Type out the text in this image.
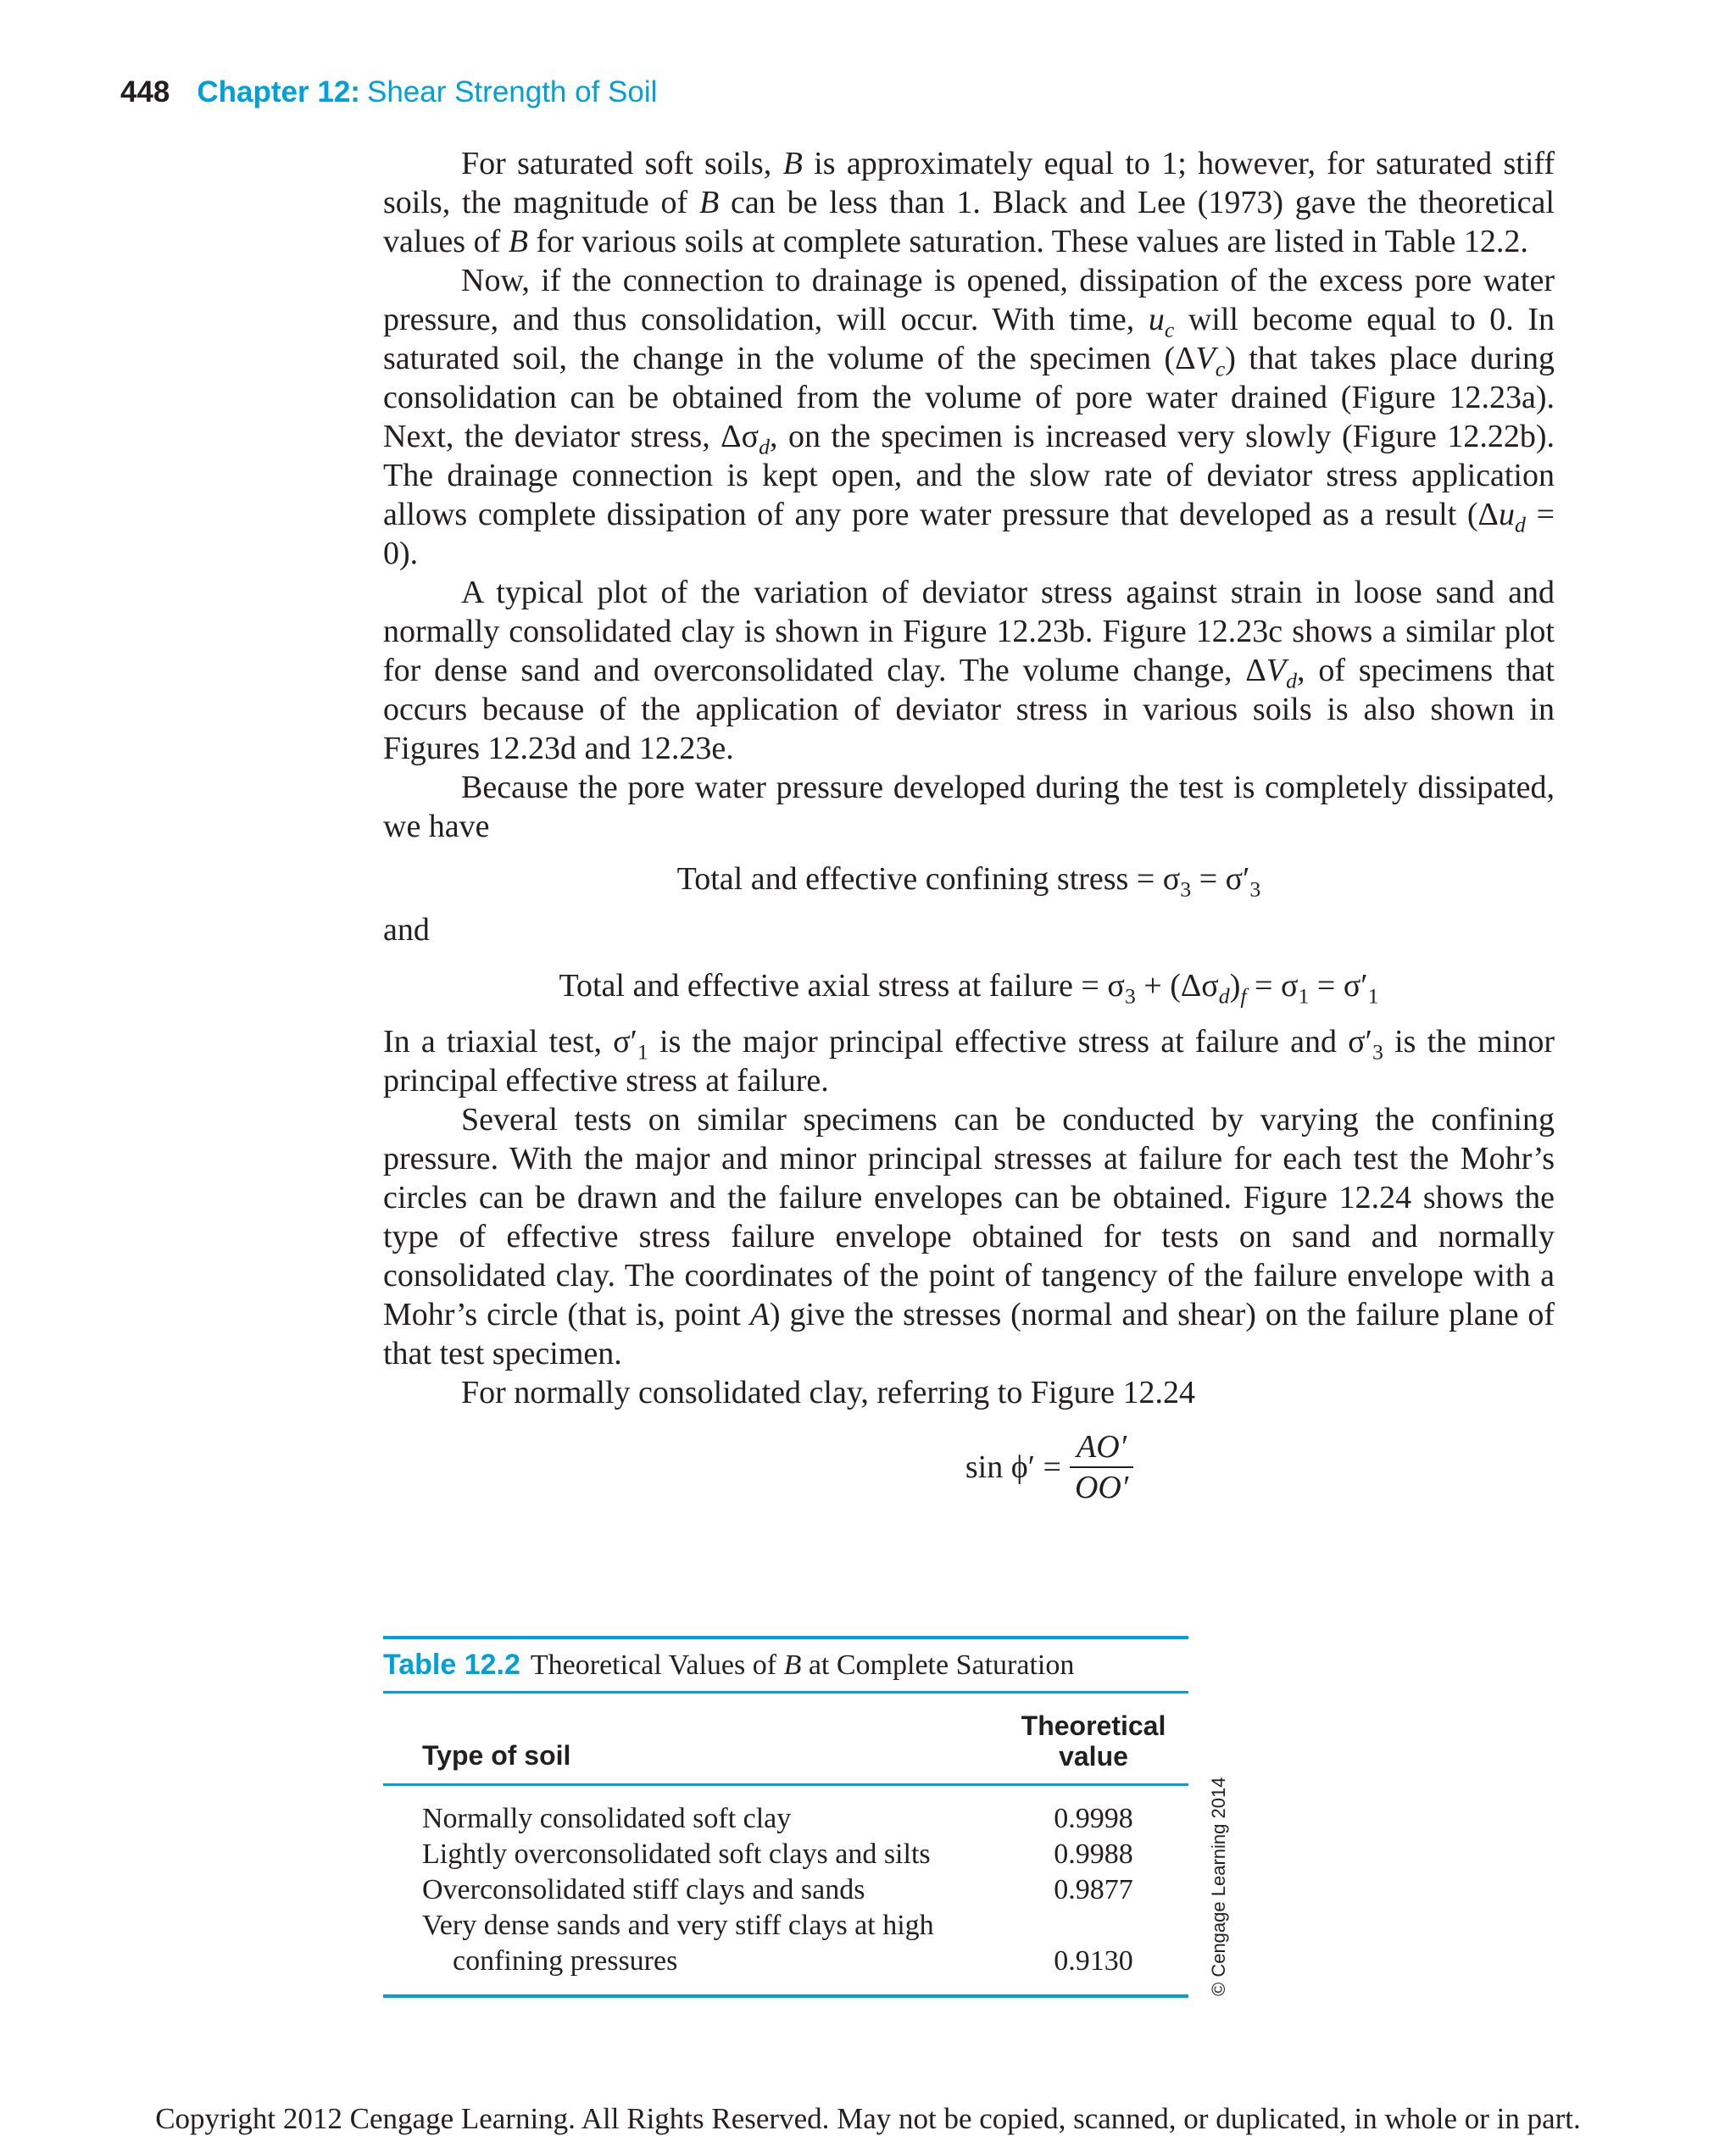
448 Chapter 12: Shear Strength of Soil

For saturated soft soils, B is approximately equal to 1; however, for saturated stiff soils, the magnitude of B can be less than 1. Black and Lee (1973) gave the theoretical values of B for various soils at complete saturation. These values are listed in Table 12.2.

Now, if the connection to drainage is opened, dissipation of the excess pore water pressure, and thus consolidation, will occur. With time, $u_c$ will become equal to 0. In saturated soil, the change in the volume of the specimen $(\Delta V_c)$ that takes place during consolidation can be obtained from the volume of pore water drained (Figure 12.23a). Next, the deviator stress, $\Delta\sigma_d$, on the specimen is increased very slowly (Figure 12.22b). The drainage connection is kept open, and the slow rate of deviator stress application allows complete dissipation of any pore water pressure that developed as a result $(\Delta u_d = 0)$.

A typical plot of the variation of deviator stress against strain in loose sand and normally consolidated clay is shown in Figure 12.23b. Figure 12.23c shows a similar plot for dense sand and overconsolidated clay. The volume change, $\Delta V_d$, of specimens that occurs because of the application of deviator stress in various soils is also shown in Figures 12.23d and 12.23e.

Because the pore water pressure developed during the test is completely dissipated, we have

Total and effective confining stress = $\sigma_3 = \sigma'_3$

and

Total and effective axial stress at failure = $\sigma_3 + (\Delta\sigma_d)_f = \sigma_1 = \sigma'_1$

In a triaxial test, $\sigma'_1$ is the major principal effective stress at failure and $\sigma'_3$ is the minor principal effective stress at failure.

Several tests on similar specimens can be conducted by varying the confining pressure. With the major and minor principal stresses at failure for each test the Mohr’s circles can be drawn and the failure envelopes can be obtained. Figure 12.24 shows the type of effective stress failure envelope obtained for tests on sand and normally consolidated clay. The coordinates of the point of tangency of the failure envelope with a Mohr’s circle (that is, point A) give the stresses (normal and shear) on the failure plane of that test specimen.

For normally consolidated clay, referring to Figure 12.24

$\sin \phi' = \frac{AO'}{OO'}$

Table 12.2 Theoretical Values of B at Complete Saturation
Type of soil
Theoretical
value
Normally consolidated soft clay	0.9998
Lightly overconsolidated soft clays and silts	0.9988
Overconsolidated stiff clays and sands	0.9877
Very dense sands and very stiff clays at high
confining pressures	0.9130	© Cengage Learning 2014
Copyright 2012 Cengage Learning. All Rights Reserved. May not be copied, scanned, or duplicated, in whole or in part.
